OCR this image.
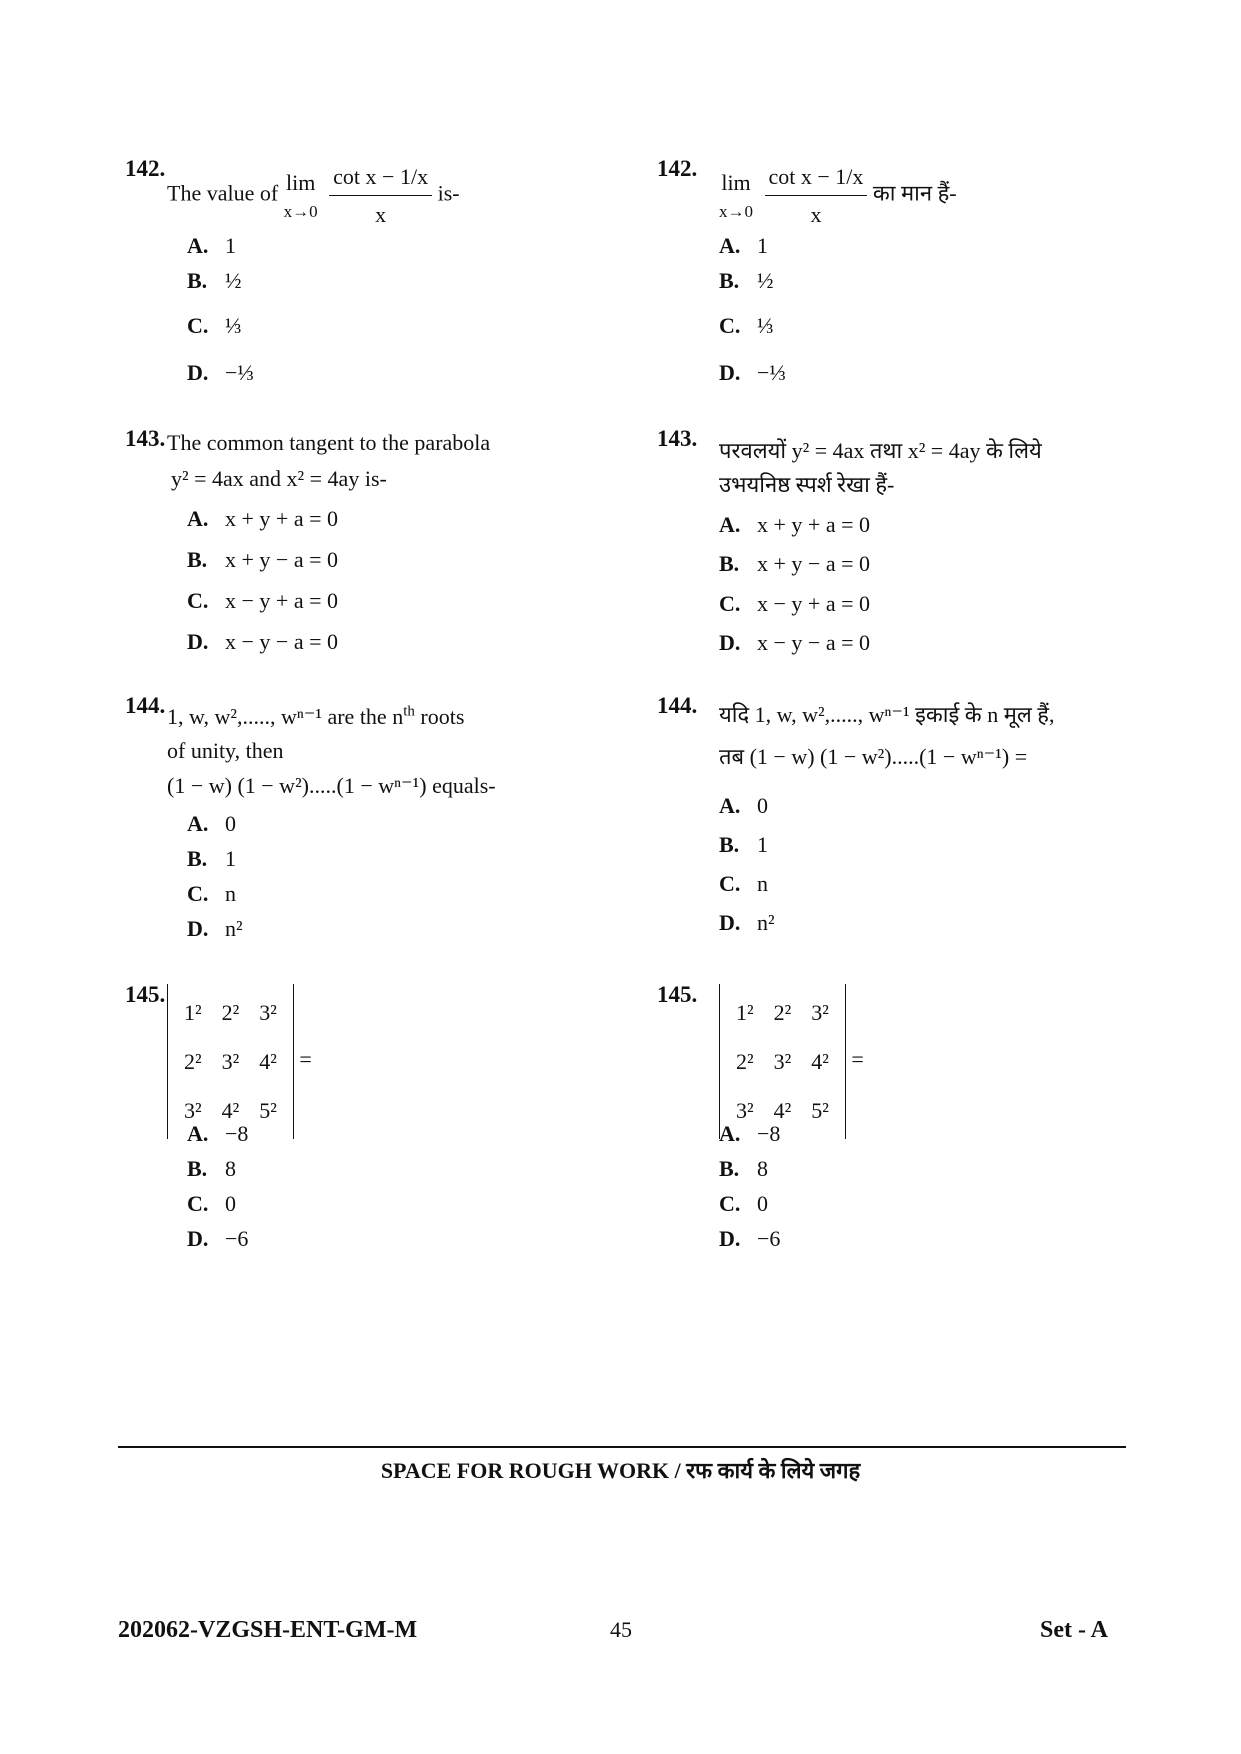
142.
The value of lim
x→0
$\frac{\text{cot x − 1/x}}{x} is-$
A. 1
B. ½
C. ⅓
D. −⅓
143. The common tangent to the parabola
y² = 4ax and x² = 4ay is-
A. x + y + a = 0
B. x + y − a = 0
C. x − y + a = 0
D. x − y − a = 0
144. 1, w, w²,....., wⁿ⁻¹ are the $n^{th}$ roots
of unity, then
(1 − w) (1 − w²).....(1 − wⁿ⁻¹) equals-
A. 0
B. 1
C. n
D. n²
145.
1²	2²	3²
2²	3²	4²
3²	4²	5²
=
A. −8
B. 8
C. 0
D. −6
142.
lim
x→0
$\frac{\text{cot x − 1/x}}{x}$ का मान हैं-
A. 1
B. ½
C. ⅓
D. −⅓
143. परवलयों y² = 4ax तथा x² = 4ay के लिये
उभयनिष्ठ स्पर्श रेखा हैं-
A. x + y + a = 0
B. x + y − a = 0
C. x − y + a = 0
D. x − y − a = 0
144. यदि 1, w, w²,....., wⁿ⁻¹ इकाई के n मूल हैं,
तब (1 − w) (1 − w²).....(1 − wⁿ⁻¹) =
A. 0
B. 1
C. n
D. n²
145.
1²	2²	3²
2²	3²	4²
3²	4²	5²
=
A. −8
B. 8
C. 0
D. −6
SPACE FOR ROUGH WORK / रफ कार्य के लिये जगह
202062-VZGSH-ENT-GM-M	45	Set - A
